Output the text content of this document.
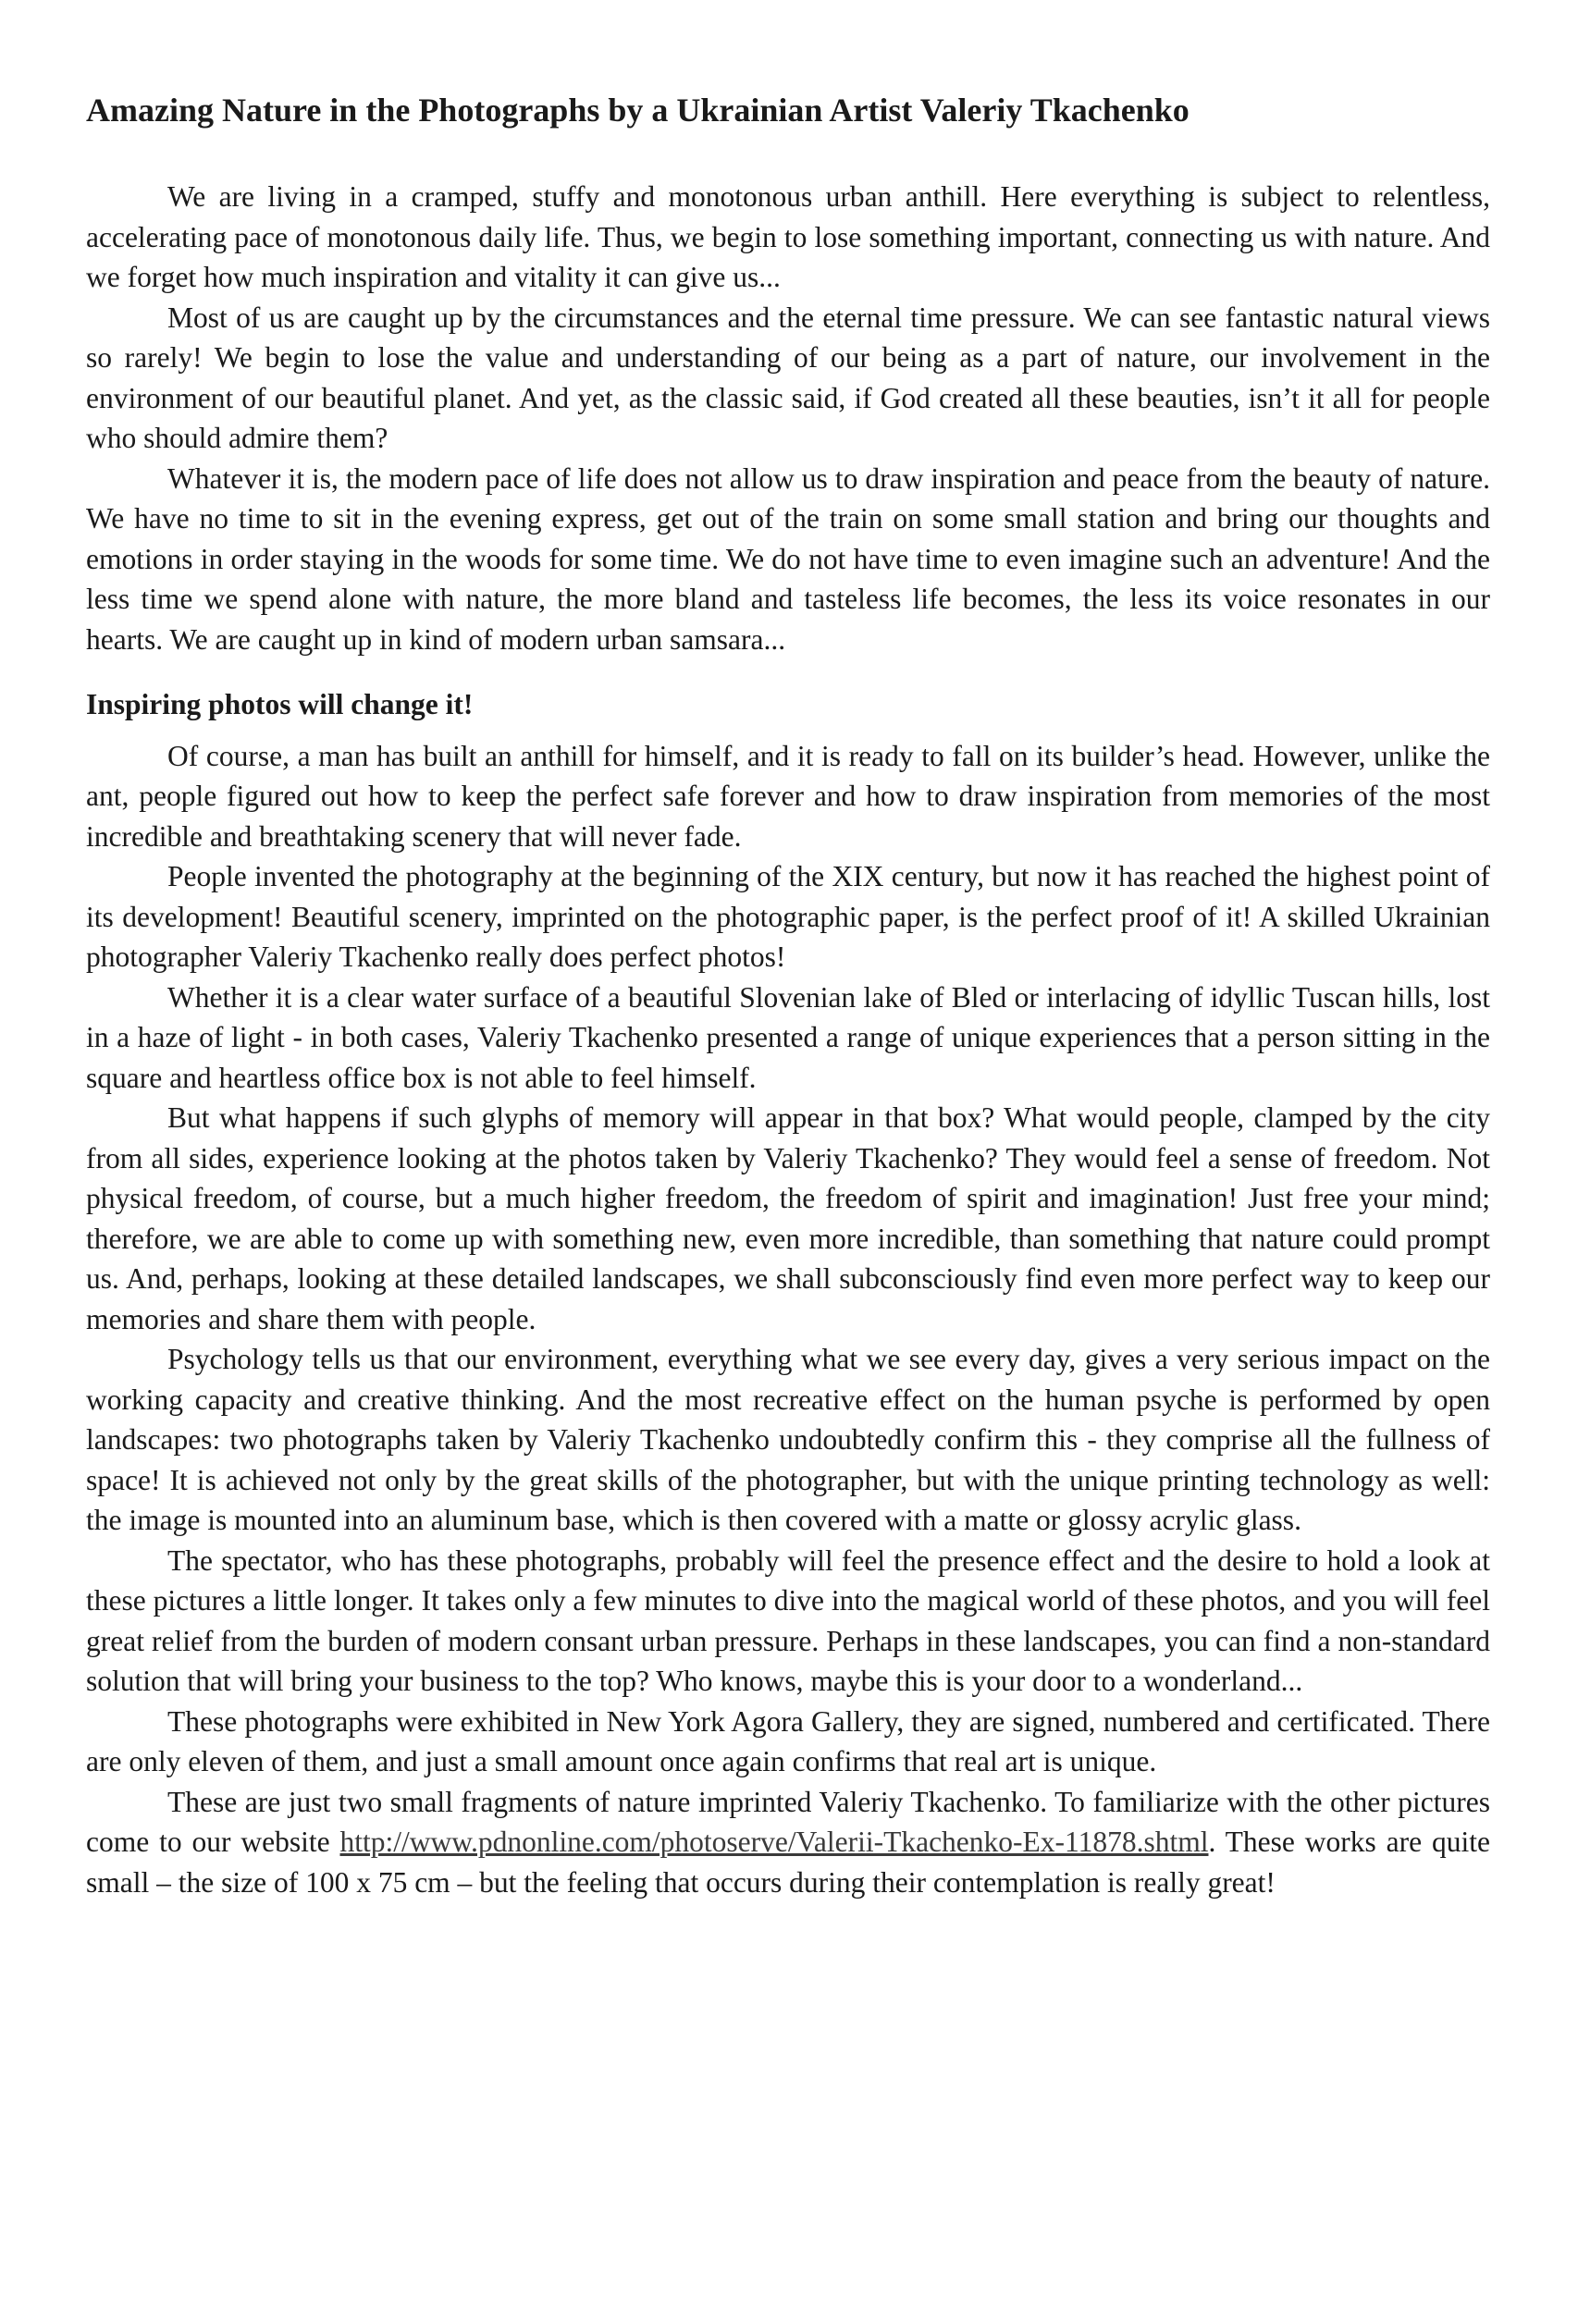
Amazing Nature in the Photographs by a Ukrainian Artist Valeriy Tkachenko

We are living in a cramped, stuffy and monotonous urban anthill. Here everything is subject to relentless, accelerating pace of monotonous daily life. Thus, we begin to lose something important, connecting us with nature. And we forget how much inspiration and vitality it can give us...

Most of us are caught up by the circumstances and the eternal time pressure. We can see fantastic natural views so rarely! We begin to lose the value and understanding of our being as a part of nature, our involvement in the environment of our beautiful planet. And yet, as the classic said, if God created all these beauties, isn’t it all for people who should admire them?

Whatever it is, the modern pace of life does not allow us to draw inspiration and peace from the beauty of nature. We have no time to sit in the evening express, get out of the train on some small station and bring our thoughts and emotions in order staying in the woods for some time. We do not have time to even imagine such an adventure! And the less time we spend alone with nature, the more bland and tasteless life becomes, the less its voice resonates in our hearts. We are caught up in kind of modern urban samsara...

Inspiring photos will change it!

Of course, a man has built an anthill for himself, and it is ready to fall on its builder’s head. However, unlike the ant, people figured out how to keep the perfect safe forever and how to draw inspiration from memories of the most incredible and breathtaking scenery that will never fade.

People invented the photography at the beginning of the XIX century, but now it has reached the highest point of its development! Beautiful scenery, imprinted on the photographic paper, is the perfect proof of it! A skilled Ukrainian photographer Valeriy Tkachenko really does perfect photos!

Whether it is a clear water surface of a beautiful Slovenian lake of Bled or interlacing of idyllic Tuscan hills, lost in a haze of light - in both cases, Valeriy Tkachenko presented a range of unique experiences that a person sitting in the square and heartless office box is not able to feel himself.

But what happens if such glyphs of memory will appear in that box? What would people, clamped by the city from all sides, experience looking at the photos taken by Valeriy Tkachenko? They would feel a sense of freedom. Not physical freedom, of course, but a much higher freedom, the freedom of spirit and imagination! Just free your mind; therefore, we are able to come up with something new, even more incredible, than something that nature could prompt us. And, perhaps, looking at these detailed landscapes, we shall subconsciously find even more perfect way to keep our memories and share them with people.

Psychology tells us that our environment, everything what we see every day, gives a very serious impact on the working capacity and creative thinking. And the most recreative effect on the human psyche is performed by open landscapes: two photographs taken by Valeriy Tkachenko undoubtedly confirm this - they comprise all the fullness of space! It is achieved not only by the great skills of the photographer, but with the unique printing technology as well: the image is mounted into an aluminum base, which is then covered with a matte or glossy acrylic glass.

The spectator, who has these photographs, probably will feel the presence effect and the desire to hold a look at these pictures a little longer. It takes only a few minutes to dive into the magical world of these photos, and you will feel great relief from the burden of modern consant urban pressure. Perhaps in these landscapes, you can find a non-standard solution that will bring your business to the top? Who knows, maybe this is your door to a wonderland...

These photographs were exhibited in New York Agora Gallery, they are signed, numbered and certificated. There are only eleven of them, and just a small amount once again confirms that real art is unique.

These are just two small fragments of nature imprinted Valeriy Tkachenko. To familiarize with the other pictures come to our website http://www.pdnonline.com/photoserve/Valerii-Tkachenko-Ex-11878.shtml. These works are quite small – the size of 100 x 75 cm – but the feeling that occurs during their contemplation is really great!
